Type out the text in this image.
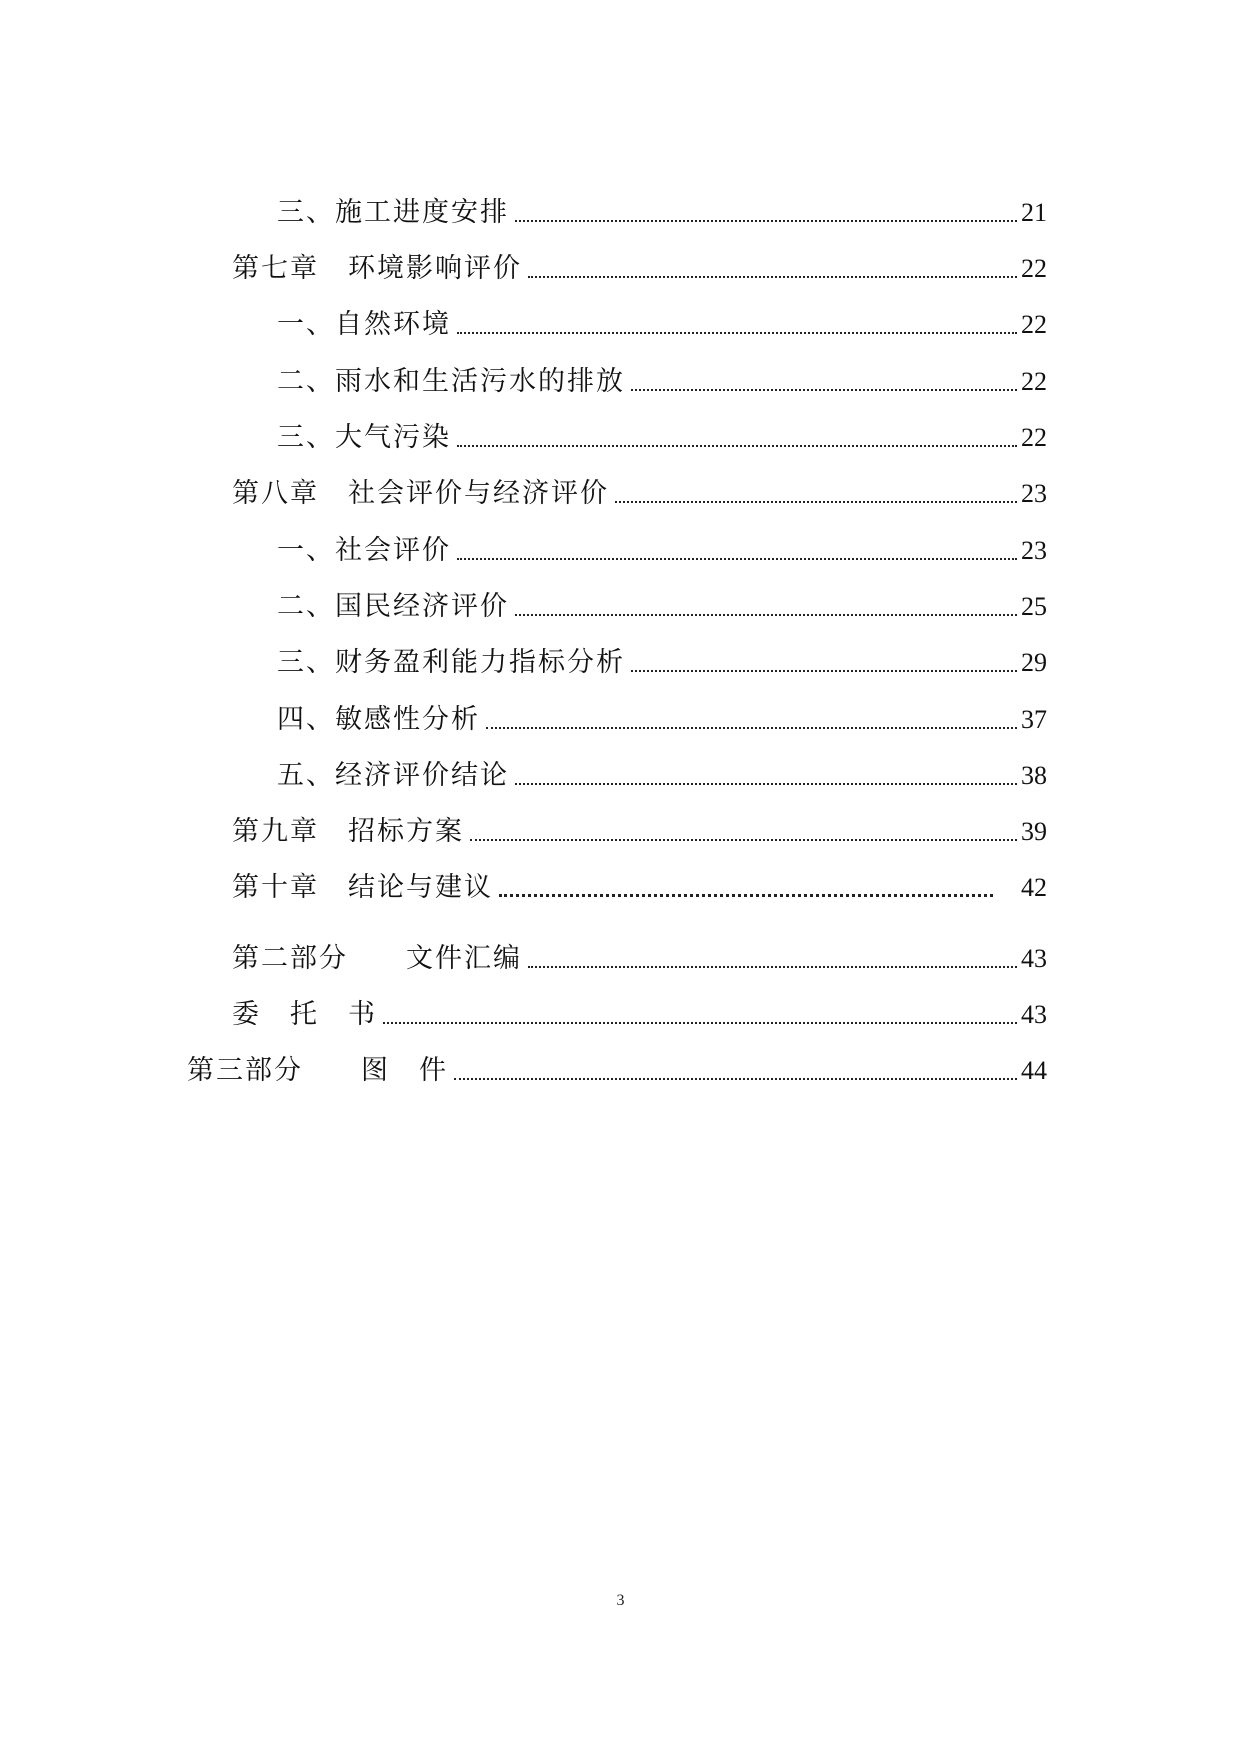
三、施工进度安排	21
第七章　环境影响评价	22
一、自然环境	22
二、雨水和生活污水的排放	22
三、大气污染	22
第八章　社会评价与经济评价	23
一、社会评价	23
二、国民经济评价	25
三、财务盈利能力指标分析	29
四、敏感性分析	37
五、经济评价结论	38
第九章　招标方案	39
第十章　结论与建议	42
第二部分　　文件汇编	43
委　托　书	43
第三部分　　图　件	44
3
